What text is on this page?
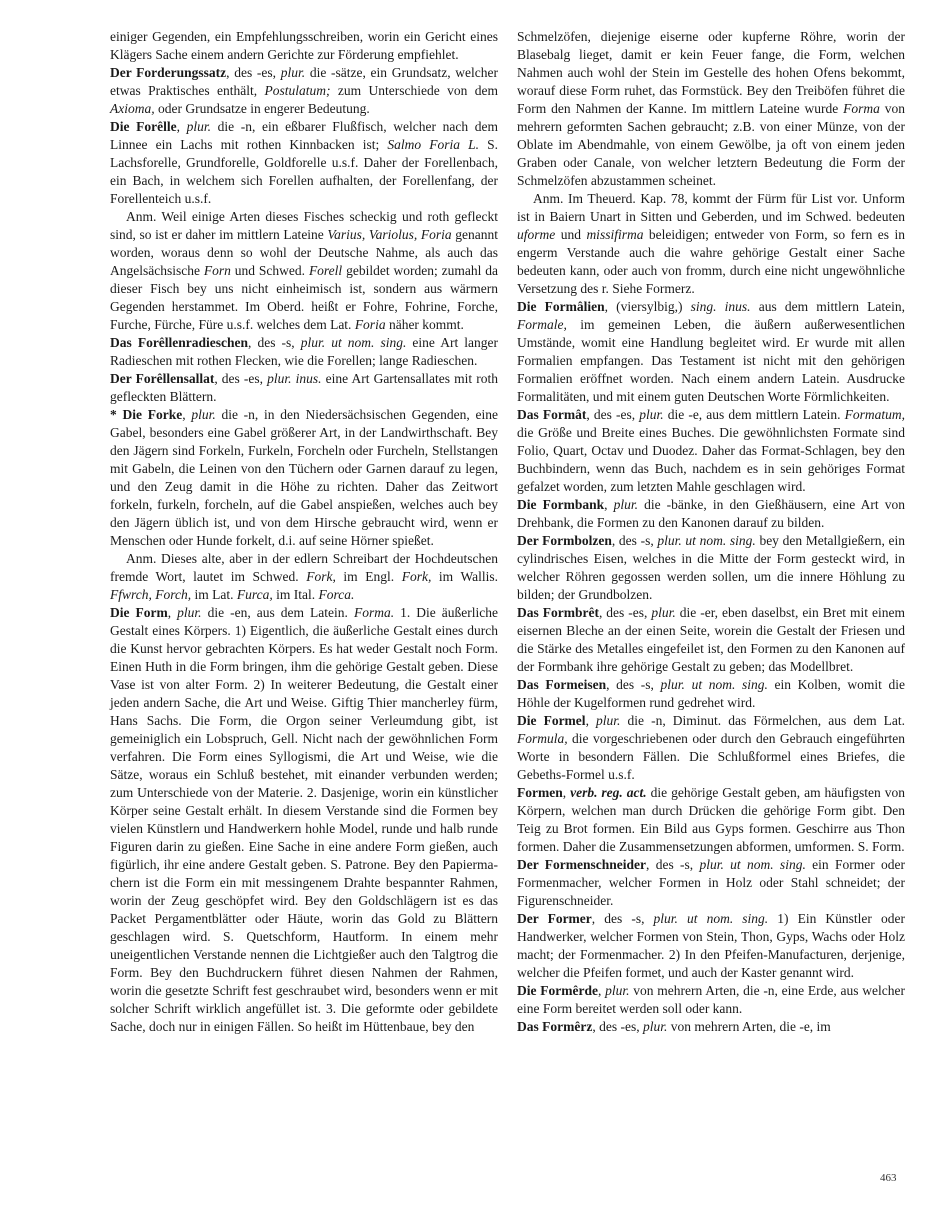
einiger Gegenden, ein Empfehlungsschreiben, worin ein Gericht eines Klägers Sache einem andern Gerichte zur Förderung empfiehlet.

Der Forderungssatz, des -es, plur. die -sätze, ein Grundsatz, welcher etwas Praktisches enthält, Postulatum; zum Unterschiede von dem Axioma, oder Grundsatze in engerer Bedeutung.

Die Forêlle, plur. die -n, ein eßbarer Flußfisch, welcher nach dem Linnee ein Lachs mit rothen Kinnbacken ist; Salmo Foria L. S. Lachsforelle, Grundforelle, Goldforelle u.s.f. Daher der Forellenbach, ein Bach, in welchem sich Forellen aufhalten, der Forellenfang, der Forellenteich u.s.f.

Anm. Weil einige Arten dieses Fisches scheckig und roth gefleckt sind, so ist er daher im mittlern Lateine Varius, Variolus, Foria genannt worden, woraus denn so wohl der Deutsche Nahme, als auch das Angelsächsische Forn und Schwed. Forell gebildet worden; zumahl da dieser Fisch bey uns nicht einheimisch ist, sondern aus wärmern Gegenden herstammet. Im Oberd. heißt er Fohre, Fohrine, Forche, Furche, Fürche, Füre u.s.f. welches dem Lat. Foria näher kommt.

Das Forêllenradieschen, des -s, plur. ut nom. sing. eine Art langer Radieschen mit rothen Flecken, wie die Forellen; lange Radieschen.

Der Forêllensallat, des -es, plur. inus. eine Art Gartensallates mit roth gefleckten Blättern.

* Die Forke, plur. die -n, in den Niedersächsischen Gegenden, eine Gabel, besonders eine Gabel größerer Art, in der Landwirthschaft. Bey den Jägern sind Forkeln, Furkeln, Forcheln oder Furcheln, Stellstangen mit Gabeln, die Leinen von den Tüchern oder Garnen darauf zu legen, und den Zeug damit in die Höhe zu richten. Daher das Zeitwort forkeln, furkeln, forcheln, auf die Gabel anspießen, welches auch bey den Jägern üblich ist, und von dem Hirsche gebraucht wird, wenn er Menschen oder Hunde forkelt, d.i. auf seine Hörner spießet.

Anm. Dieses alte, aber in der edlern Schreibart der Hochdeutschen fremde Wort, lautet im Schwed. Fork, im Engl. Fork, im Wallis. Ffwrch, Forch, im Lat. Furca, im Ital. Forca.

Die Form, plur. die -en, aus dem Latein. Forma. 1. Die äußerliche Gestalt eines Körpers. 1) Eigentlich, die äußerliche Gestalt eines durch die Kunst hervor gebrachten Körpers. Es hat weder Gestalt noch Form. Einen Huth in die Form bringen, ihm die gehörige Gestalt geben. Diese Vase ist von alter Form. 2) In weiterer Bedeutung, die Gestalt einer jeden andern Sache, die Art und Weise. Giftig Thier mancherley fürm, Hans Sachs. Die Form, die Orgon seiner Verleumdung gibt, ist gemeiniglich ein Lobspruch, Gell. Nicht nach der gewöhnlichen Form verfahren. Die Form eines Syllogismi, die Art und Weise, wie die Sätze, woraus ein Schluß bestehet, mit einander verbunden werden; zum Unterschiede von der Materie. 2. Dasjenige, worin ein künstlicher Körper seine Gestalt erhält. In diesem Verstande sind die Formen bey vielen Künstlern und Handwerkern hohle Model, runde und halb runde Figuren darin zu gießen. Eine Sache in eine andere Form gießen, auch figürlich, ihr eine andere Gestalt geben. S. Patrone. Bey den Papiermachern ist die Form ein mit messingenem Drahte bespannter Rahmen, worin der Zeug geschöpfet wird. Bey den Goldschlägern ist es das Packet Pergamentblätter oder Häute, worin das Gold zu Blättern geschlagen wird. S. Quetschform, Hautform. In einem mehr uneigentlichen Verstande nennen die Lichtgießer auch den Talgtrog die Form. Bey den Buchdruckern führet diesen Nahmen der Rahmen, worin die gesetzte Schrift fest geschraubet wird, besonders wenn er mit solcher Schrift wirklich angefüllet ist. 3. Die geformte oder gebildete Sache, doch nur in einigen Fällen. So heißt im Hüttenbaue, bey den

Schmelzöfen, diejenige eiserne oder kupferne Röhre, worin der Blasebalg lieget, damit er kein Feuer fange, die Form, welchen Nahmen auch wohl der Stein im Gestelle des hohen Ofens bekommt, worauf diese Form ruhet, das Formstück. Bey den Treiböfen führet die Form den Nahmen der Kanne. Im mittlern Lateine wurde Forma von mehrern geformten Sachen gebraucht; z.B. von einer Münze, von der Oblate im Abendmahle, von einem Gewölbe, ja oft von einem jeden Graben oder Canale, von welcher letztern Bedeutung die Form der Schmelzöfen abzustammen scheinet.

Anm. Im Theuerd. Kap. 78, kommt der Fürm für List vor. Unform ist in Baiern Unart in Sitten und Geberden, und im Schwed. bedeuten uforme und missifirma beleidigen; entweder von Form, so fern es in engerm Verstande auch die wahre gehörige Gestalt einer Sache bedeuten kann, oder auch von fromm, durch eine nicht ungewöhnliche Versetzung des r. Siehe Formerz.

Die Formâlien, (viersylbig,) sing. inus. aus dem mittlern Latein, Formale, im gemeinen Leben, die äußern außerwesentlichen Umstände, womit eine Handlung begleitet wird. Er wurde mit allen Formalien empfangen. Das Testament ist nicht mit den gehörigen Formalien eröffnet worden. Nach einem andern Latein. Ausdrucke Formalitäten, und mit einem guten Deutschen Worte Förmlichkeiten.

Das Formât, des -es, plur. die -e, aus dem mittlern Latein. Formatum, die Größe und Breite eines Buches. Die gewöhnlichsten Formate sind Folio, Quart, Octav und Duodez. Daher das Format-Schlagen, bey den Buchbindern, wenn das Buch, nachdem es in sein gehöriges Format gefalzet worden, zum letzten Mahle geschlagen wird.

Die Formbank, plur. die -bänke, in den Gießhäusern, eine Art von Drehbank, die Formen zu den Kanonen darauf zu bilden.

Der Formbolzen, des -s, plur. ut nom. sing. bey den Metallgießern, ein cylindrisches Eisen, welches in die Mitte der Form gesteckt wird, in welcher Röhren gegossen werden sollen, um die innere Höhlung zu bilden; der Grundbolzen.

Das Formbrêt, des -es, plur. die -er, eben daselbst, ein Bret mit einem eisernen Bleche an der einen Seite, worein die Gestalt der Friesen und die Stärke des Metalles eingefeilet ist, den Formen zu den Kanonen auf der Formbank ihre gehörige Gestalt zu geben; das Modellbret.

Das Formeisen, des -s, plur. ut nom. sing. ein Kolben, womit die Höhle der Kugelformen rund gedrehet wird.

Die Formel, plur. die -n, Diminut. das Förmelchen, aus dem Lat. Formula, die vorgeschriebenen oder durch den Gebrauch eingeführten Worte in besondern Fällen. Die Schlußformel eines Briefes, die Gebeths-Formel u.s.f.

Formen, verb. reg. act. die gehörige Gestalt geben, am häufigsten von Körpern, welchen man durch Drücken die gehörige Form gibt. Den Teig zu Brot formen. Ein Bild aus Gyps formen. Geschirre aus Thon formen. Daher die Zusammensetzungen abformen, umformen. S. Form.

Der Formenschneider, des -s, plur. ut nom. sing. ein Former oder Formenmacher, welcher Formen in Holz oder Stahl schneidet; der Figurenschneider.

Der Former, des -s, plur. ut nom. sing. 1) Ein Künstler oder Handwerker, welcher Formen von Stein, Thon, Gyps, Wachs oder Holz macht; der Formenmacher. 2) In den Pfeifen-Manufacturen, derjenige, welcher die Pfeifen formet, und auch der Kaster genannt wird.

Die Formêrde, plur. von mehrern Arten, die -n, eine Erde, aus welcher eine Form bereitet werden soll oder kann.

Das Formêrz, des -es, plur. von mehrern Arten, die -e, im

463
